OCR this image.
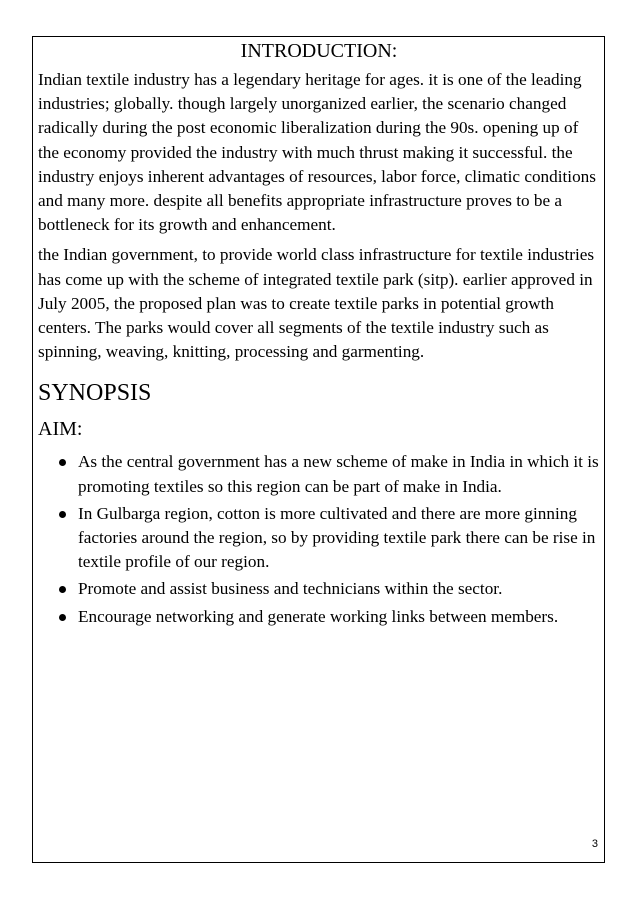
INTRODUCTION:

Indian textile industry has a legendary heritage for ages. it is one of the leading industries; globally. though largely unorganized earlier, the scenario changed radically during the post economic liberalization during the 90s. opening up of the economy provided the industry with much thrust making it successful. the industry enjoys inherent advantages of resources, labor force, climatic conditions and many more. despite all benefits appropriate infrastructure proves to be a bottleneck for its growth and enhancement.

the Indian government, to provide world class infrastructure for textile industries has come up with the scheme of integrated textile park (sitp). earlier approved in July 2005, the proposed plan was to create textile parks in potential growth centers. The parks would cover all segments of the textile industry such as spinning, weaving, knitting, processing and garmenting.

SYNOPSIS
AIM:
As the central government has a new scheme of make in India in which it is promoting textiles so this region can be part of make in India.
In Gulbarga region, cotton is more cultivated and there are more ginning factories around the region, so by providing textile park there can be rise in textile profile of our region.
Promote and assist business and technicians within the sector.
Encourage networking and generate working links between members.
3
